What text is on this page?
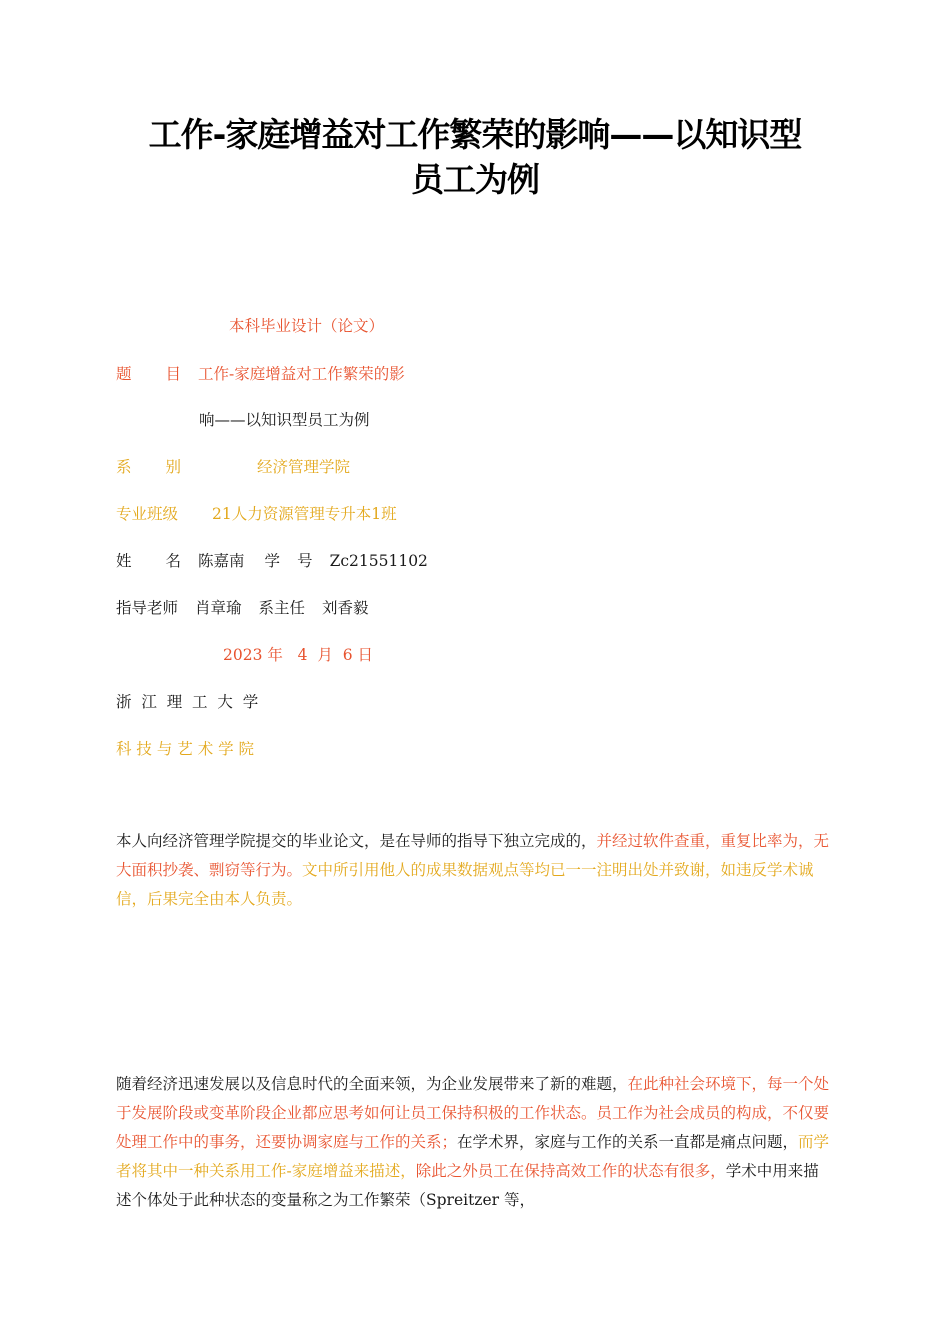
工作-家庭增益对工作繁荣的影响——以知识型
员工为例
本科毕业设计（论文）
题 目 工作-家庭增益对工作繁荣的影
响——以知识型员工为例
系 别	经济管理学院
专业班级 21人力资源管理专升本1班
姓 名 陈嘉南 学 号 Zc21551102
指导老师 肖章瑜 系主任 刘香毅
2023 年   4  月  6 日
浙  江  理  工  大  学
科 技 与 艺 术 学 院
本人向经济管理学院提交的毕业论文，是在导师的指导下独立完成的，并经过软件查重，重复比率为，无大面积抄袭、剽窃等行为。文中所引用他人的成果数据观点等均已一一注明出处并致谢，如违反学术诚信，后果完全由本人负责。
随着经济迅速发展以及信息时代的全面来领，为企业发展带来了新的难题，在此种社会环境下，每一个处于发展阶段或变革阶段企业都应思考如何让员工保持积极的工作状态。员工作为社会成员的构成，不仅要处理工作中的事务，还要协调家庭与工作的关系；在学术界，家庭与工作的关系一直都是痛点问题，而学者将其中一种关系用工作-家庭增益来描述，除此之外员工在保持高效工作的状态有很多，学术中用来描述个体处于此种状态的变量称之为工作繁荣（Spreitzer 等，
